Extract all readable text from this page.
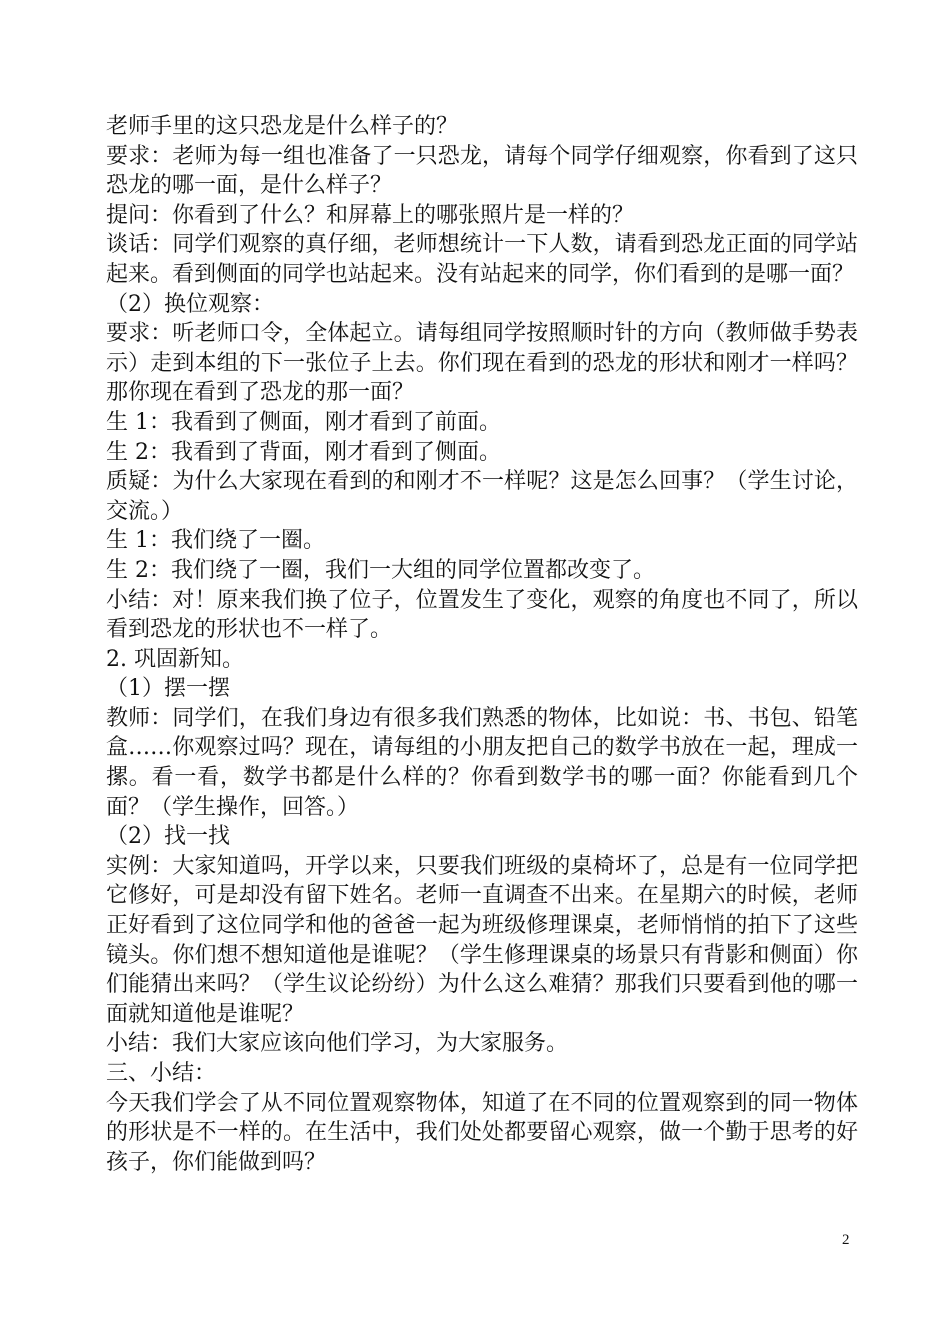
老师手里的这只恐龙是什么样子的？

要求：老师为每一组也准备了一只恐龙，请每个同学仔细观察，你看到了这只恐龙的哪一面，是什么样子？

提问：你看到了什么？和屏幕上的哪张照片是一样的？

谈话：同学们观察的真仔细，老师想统计一下人数，请看到恐龙正面的同学站起来。看到侧面的同学也站起来。没有站起来的同学，你们看到的是哪一面？

（2）换位观察：

要求：听老师口令，全体起立。请每组同学按照顺时针的方向（教师做手势表示）走到本组的下一张位子上去。你们现在看到的恐龙的形状和刚才一样吗？那你现在看到了恐龙的那一面？

生 1：我看到了侧面，刚才看到了前面。

生 2：我看到了背面，刚才看到了侧面。

质疑：为什么大家现在看到的和刚才不一样呢？这是怎么回事？（学生讨论，交流。）

生 1：我们绕了一圈。

生 2：我们绕了一圈，我们一大组的同学位置都改变了。

小结：对！原来我们换了位子，位置发生了变化，观察的角度也不同了，所以看到恐龙的形状也不一样了。

2. 巩固新知。

（1）摆一摆

教师：同学们，在我们身边有很多我们熟悉的物体，比如说：书、书包、铅笔盒……你观察过吗？现在，请每组的小朋友把自己的数学书放在一起，理成一摞。看一看，数学书都是什么样的？你看到数学书的哪一面？你能看到几个面？（学生操作，回答。）

（2）找一找

实例：大家知道吗，开学以来，只要我们班级的桌椅坏了，总是有一位同学把它修好，可是却没有留下姓名。老师一直调查不出来。在星期六的时候，老师正好看到了这位同学和他的爸爸一起为班级修理课桌，老师悄悄的拍下了这些镜头。你们想不想知道他是谁呢？（学生修理课桌的场景只有背影和侧面）你们能猜出来吗？（学生议论纷纷）为什么这么难猜？那我们只要看到他的哪一面就知道他是谁呢？

小结：我们大家应该向他们学习，为大家服务。

三、小结：

今天我们学会了从不同位置观察物体，知道了在不同的位置观察到的同一物体的形状是不一样的。在生活中，我们处处都要留心观察，做一个勤于思考的好孩子，你们能做到吗？

2
